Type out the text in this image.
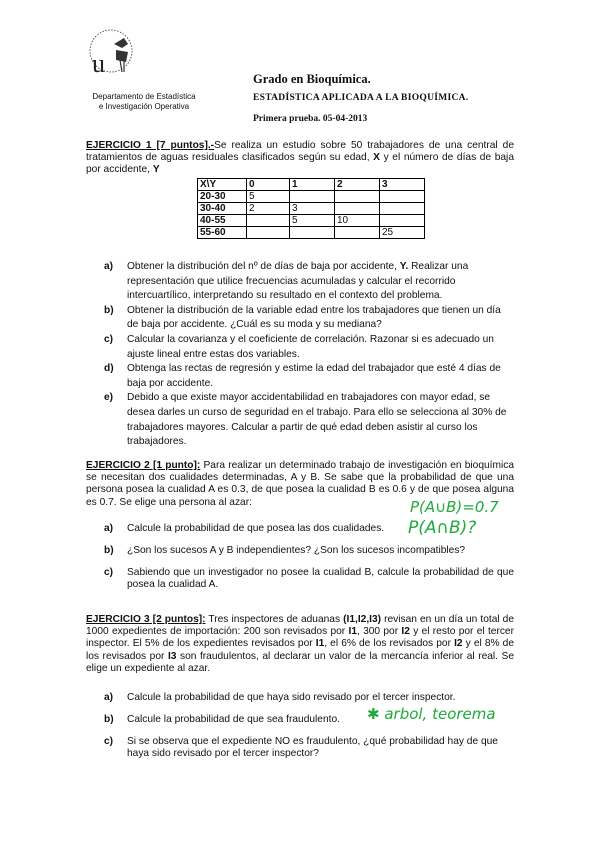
u
Departamento de Estadística
e Investigación Operativa
Grado en Bioquímica.
ESTADÍSTICA APLICADA A LA BIOQUÍMICA.
Primera prueba. 05-04-2013
EJERCICIO 1 [7 puntos].-Se realiza un estudio sobre 50 trabajadores de una central de tratamientos de aguas residuales clasificados según su edad, X y el número de días de baja por accidente, Y
X\Y	0	1	2	3
20-30	5			
30-40	2	3		
40-55		5	10	
55-60				25
a)	Obtener la distribución del nº de días de baja por accidente, Y. Realizar una representación que utilice frecuencias acumuladas y calcular el recorrido intercuartílico, interpretando su resultado en el contexto del problema.
b)	Obtener la distribución de la variable edad entre los trabajadores que tienen un día de baja por accidente. ¿Cuál es su moda y su mediana?
c)	Calcular la covarianza y el coeficiente de correlación. Razonar si es adecuado un ajuste lineal entre estas dos variables.
d)	Obtenga las rectas de regresión y estime la edad del trabajador que esté 4 días de baja por accidente.
e)	Debido a que existe mayor accidentabilidad en trabajadores con mayor edad, se desea darles un curso de seguridad en el trabajo. Para ello se selecciona al 30% de trabajadores mayores. Calcular a partir de qué edad deben asistir al curso los trabajadores.
EJERCICIO 2 [1 punto]: Para realizar un determinado trabajo de investigación en bioquímica se necesitan dos cualidades determinadas, A y B. Se sabe que la probabilidad de que una persona posea la cualidad A es 0.3, de que posea la cualidad B es 0.6 y de que posea alguna es 0.7. Se elige una persona al azar:	P(A∪B)=0.7
P(A∩B)?
a)	Calcule la probabilidad de que posea las dos cualidades.
b)	¿Son los sucesos A y B independientes? ¿Son los sucesos incompatibles?
c)	Sabiendo que un investigador no posee la cualidad B, calcule la probabilidad de que posea la cualidad A.
EJERCICIO 3 [2 puntos]: Tres inspectores de aduanas (I1,I2,I3) revisan en un día un total de 1000 expedientes de importación: 200 son revisados por I1, 300 por I2 y el resto por el tercer inspector. El 5% de los expedientes revisados por I1, el 6% de los revisados por I2 y el 8% de los revisados por I3 son fraudulentos, al declarar un valor de la mercancía inferior al real. Se elige un expediente al azar.
a)	Calcule la probabilidad de que haya sido revisado por el tercer inspector.
b)	Calcule la probabilidad de que sea fraudulento.
c)	Si se observa que el expediente NO es fraudulento, ¿qué probabilidad hay de que haya sido revisado por el tercer inspector?
✱ arbol, teorema
